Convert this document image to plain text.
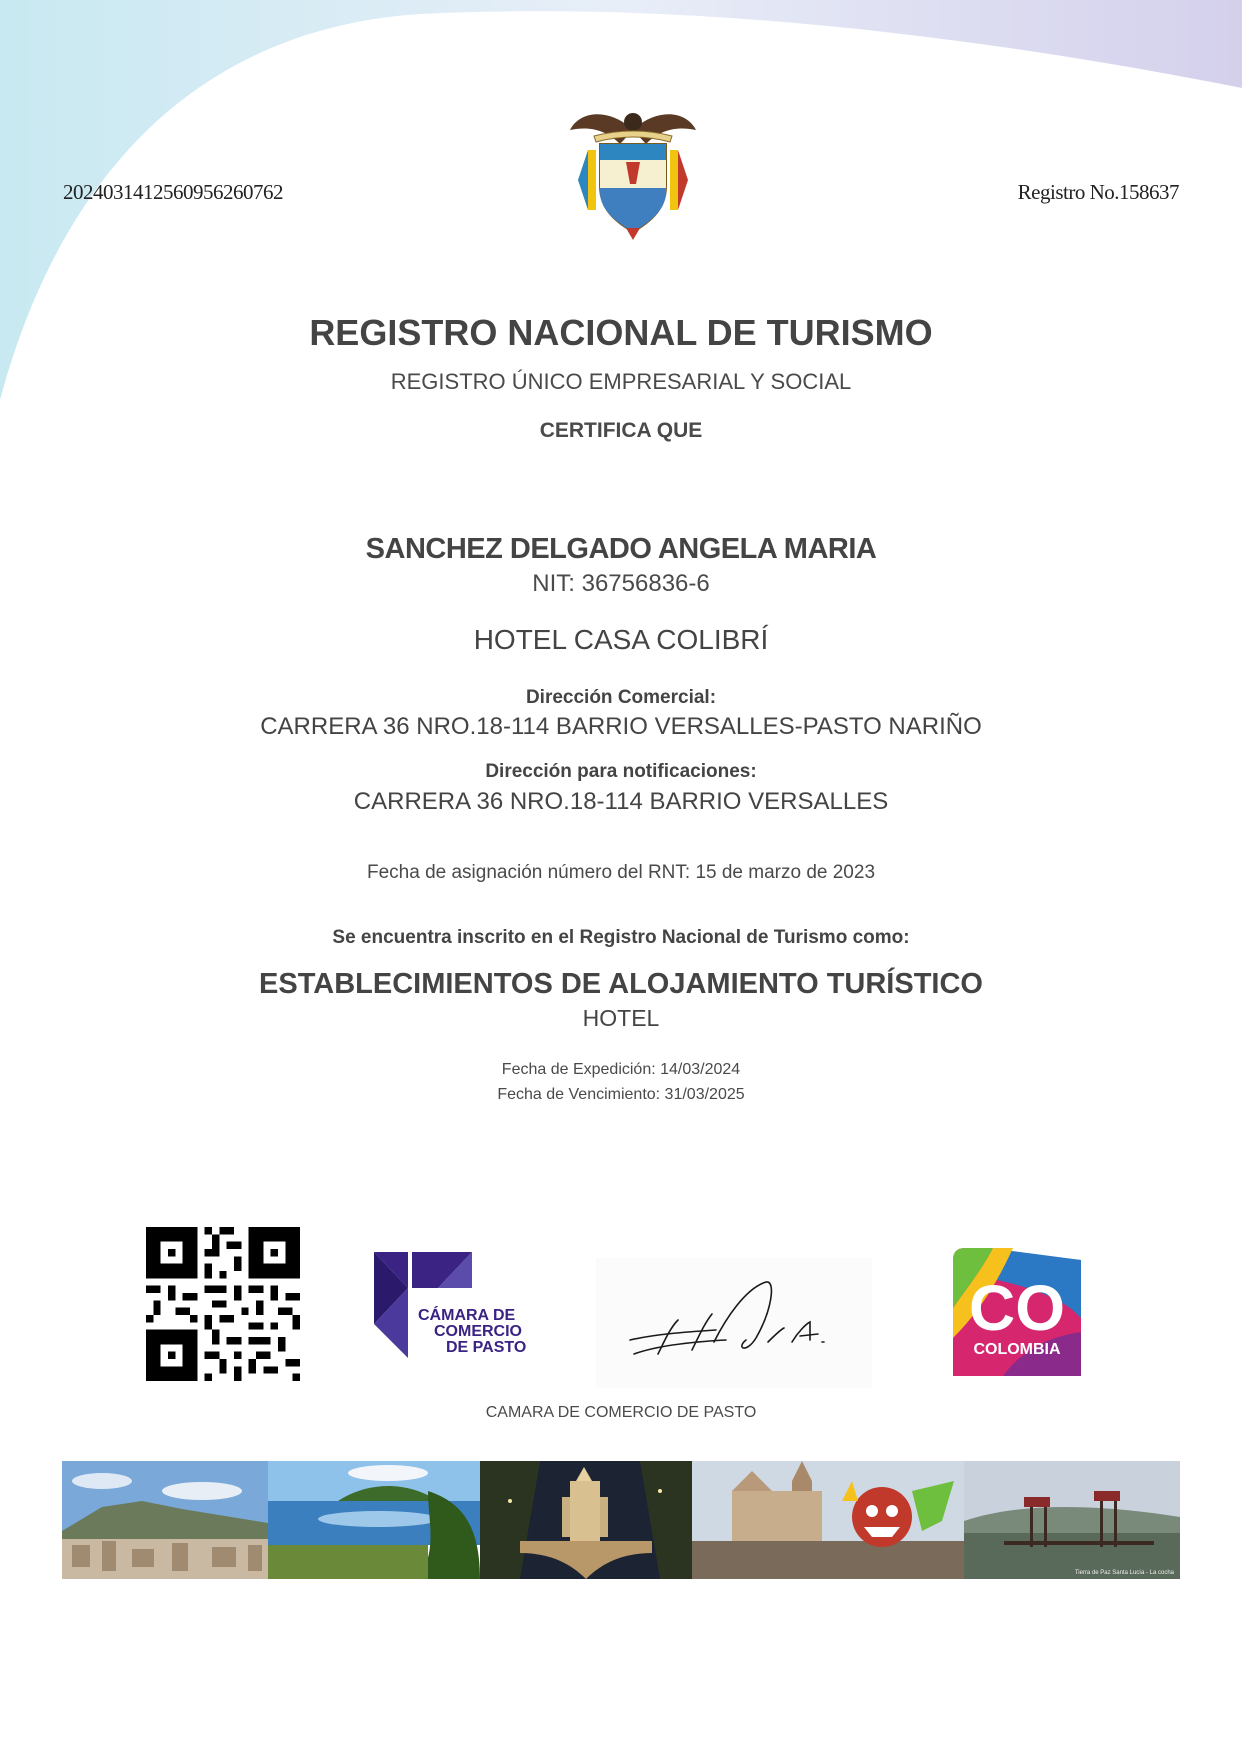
2024031412560956260762	Registro No.158637
REGISTRO NACIONAL DE TURISMO
REGISTRO ÚNICO EMPRESARIAL Y SOCIAL
CERTIFICA QUE
SANCHEZ DELGADO ANGELA MARIA
NIT: 36756836-6
HOTEL CASA COLIBRÍ
Dirección Comercial:
CARRERA 36 NRO.18-114 BARRIO VERSALLES-PASTO NARIÑO
Dirección para notificaciones:
CARRERA 36 NRO.18-114 BARRIO VERSALLES
Fecha de asignación número del RNT: 15 de marzo de 2023
Se encuentra inscrito en el Registro Nacional de Turismo como:
ESTABLECIMIENTOS DE ALOJAMIENTO TURÍSTICO
HOTEL
Fecha de Expedición: 14/03/2024
Fecha de Vencimiento: 31/03/2025
CÁMARA DE
COMERCIO
DE PASTO
CO
COLOMBIA
CAMARA DE COMERCIO DE PASTO
Tierra de Paz Santa Lucía - La cocha
